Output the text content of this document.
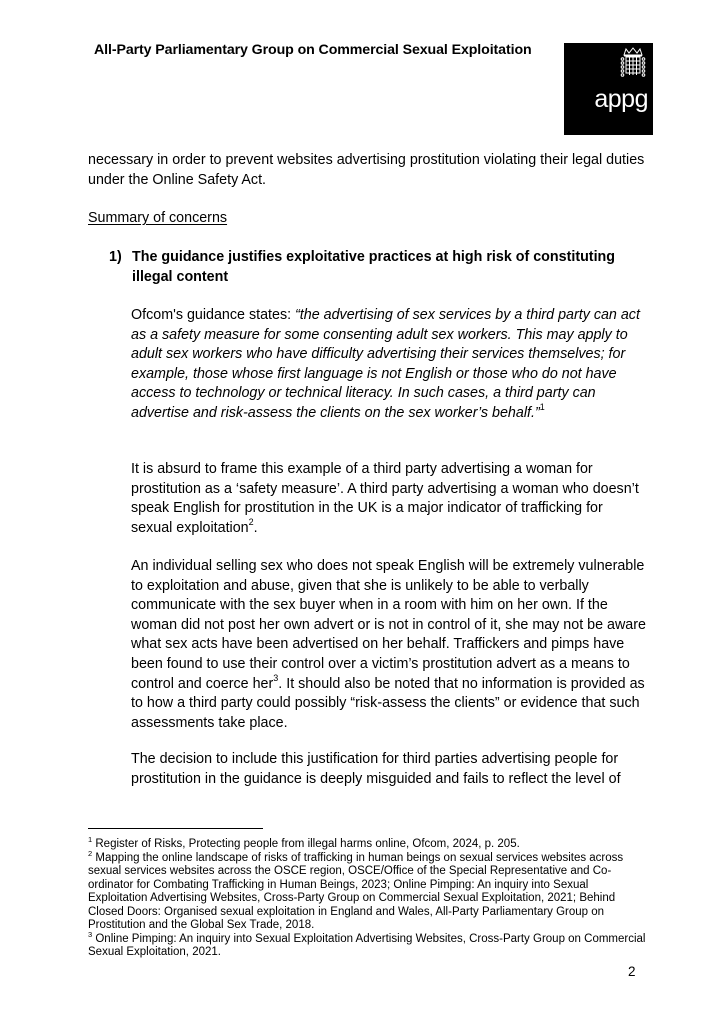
All-Party Parliamentary Group on Commercial Sexual Exploitation
appg
necessary in order to prevent websites advertising prostitution violating their legal duties under the Online Safety Act.
Summary of concerns
1) The guidance justifies exploitative practices at high risk of constituting illegal content
Ofcom's guidance states: “the advertising of sex services by a third party can act as a safety measure for some consenting adult sex workers. This may apply to adult sex workers who have difficulty advertising their services themselves; for example, those whose first language is not English or those who do not have access to technology or technical literacy. In such cases, a third party can advertise and risk-assess the clients on the sex worker’s behalf.”$^1$
It is absurd to frame this example of a third party advertising a woman for prostitution as a ‘safety measure’. A third party advertising a woman who doesn’t speak English for prostitution in the UK is a major indicator of trafficking for sexual exploitation$^2$.
An individual selling sex who does not speak English will be extremely vulnerable to exploitation and abuse, given that she is unlikely to be able to verbally communicate with the sex buyer when in a room with him on her own. If the woman did not post her own advert or is not in control of it, she may not be aware what sex acts have been advertised on her behalf. Traffickers and pimps have been found to use their control over a victim’s prostitution advert as a means to control and coerce her$^3$. It should also be noted that no information is provided as to how a third party could possibly “risk-assess the clients” or evidence that such assessments take place.
The decision to include this justification for third parties advertising people for prostitution in the guidance is deeply misguided and fails to reflect the level of
$^1$ Register of Risks, Protecting people from illegal harms online, Ofcom, 2024, p. 205.
$^2$ Mapping the online landscape of risks of trafficking in human beings on sexual services websites across sexual services websites across the OSCE region, OSCE/Office of the Special Representative and Co-ordinator for Combating Trafficking in Human Beings, 2023; Online Pimping: An inquiry into Sexual Exploitation Advertising Websites, Cross-Party Group on Commercial Sexual Exploitation, 2021; Behind Closed Doors: Organised sexual exploitation in England and Wales, All-Party Parliamentary Group on Prostitution and the Global Sex Trade, 2018.
$^3$ Online Pimping: An inquiry into Sexual Exploitation Advertising Websites, Cross-Party Group on Commercial Sexual Exploitation, 2021.
2
